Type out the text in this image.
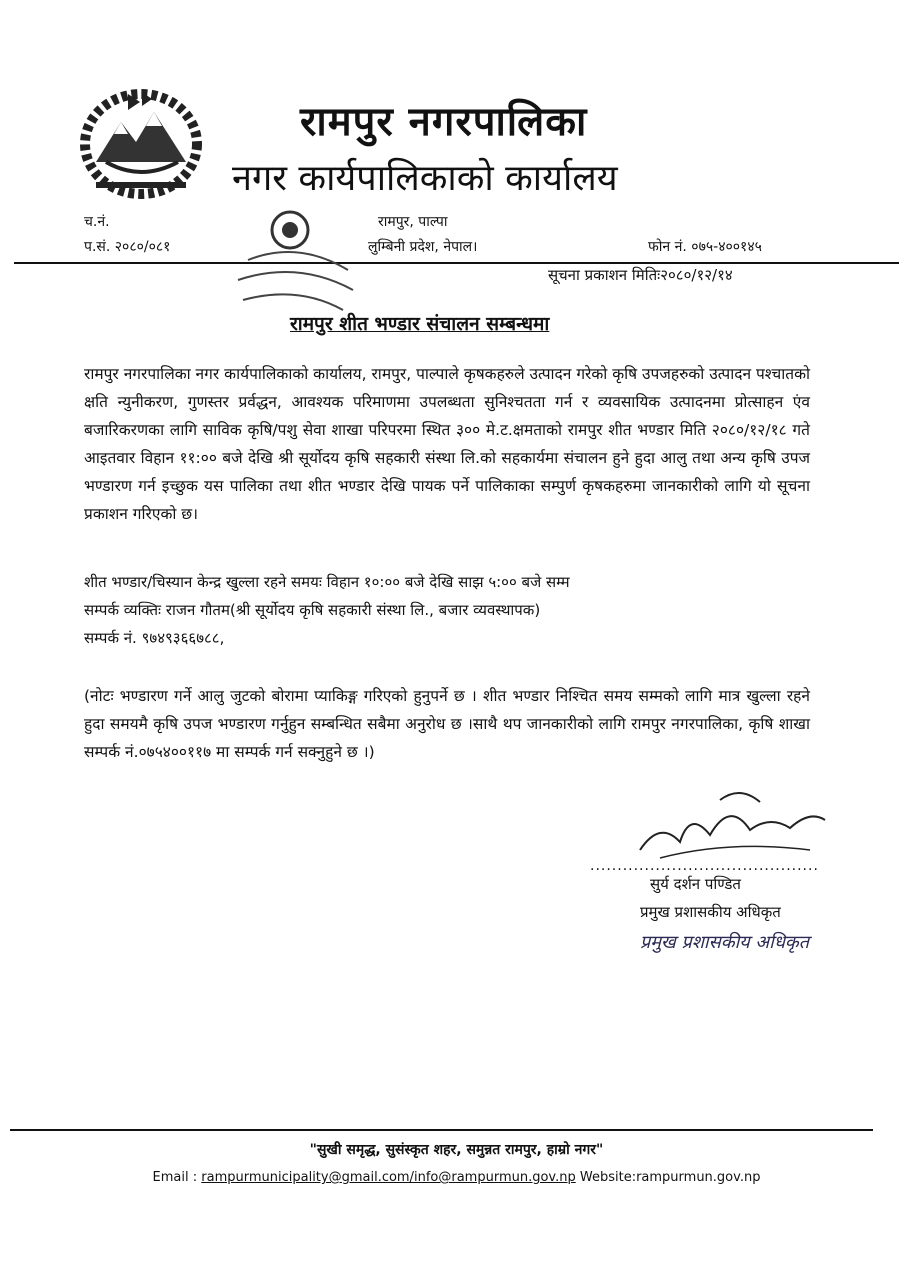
रामपुर नगरपालिका
नगर कार्यपालिकाको कार्यालय
च.नं.
प.सं. २०८०/०८१
रामपुर, पाल्पा
लुम्बिनी प्रदेश, नेपाल।	फोन नं. ०७५-४००१४५
सूचना प्रकाशन मितिः२०८०/१२/१४
रामपुर शीत भण्डार संचालन सम्बन्धमा
रामपुर नगरपालिका नगर कार्यपालिकाको कार्यालय, रामपुर, पाल्पाले कृषकहरुले उत्पादन गरेको कृषि उपजहरुको उत्पादन पश्चातको क्षति न्युनीकरण, गुणस्तर प्रर्वद्धन, आवश्यक परिमाणमा उपलब्धता सुनिश्चतता गर्न र व्यवसायिक उत्पादनमा प्रोत्साहन एंव बजारिकरणका लागि साविक कृषि/पशु सेवा शाखा परिपरमा स्थित ३०० मे.ट.क्षमताको रामपुर शीत भण्डार मिति २०८०/१२/१८ गते आइतवार विहान ११:०० बजे देखि श्री सूर्योदय कृषि सहकारी संस्था लि.को सहकार्यमा संचालन हुने हुदा आलु तथा अन्य कृषि उपज भण्डारण गर्न इच्छुक यस पालिका तथा शीत भण्डार देखि पायक पर्ने पालिकाका सम्पुर्ण कृषकहरुमा जानकारीको लागि यो सूचना प्रकाशन गरिएको छ।
शीत भण्डार/चिस्यान केन्द्र खुल्ला रहने समयः विहान १०:०० बजे देखि साझ ५:०० बजे सम्म
सम्पर्क व्यक्तिः राजन गौतम(श्री सूर्योदय कृषि सहकारी संस्था लि., बजार व्यवस्थापक)
सम्पर्क नं. ९७४९३६६७८८,
(नोटः भण्डारण गर्ने आलु जुटको बोरामा प्याकिङ्ग गरिएको हुनुपर्ने छ । शीत भण्डार निश्चित समय सम्मको लागि मात्र खुल्ला रहने हुदा समयमै कृषि उपज भण्डारण गर्नुहुन सम्बन्धित सबैमा अनुरोध छ ।साथै थप जानकारीको लागि रामपुर नगरपालिका, कृषि शाखा सम्पर्क नं.०७५४००११७ मा सम्पर्क गर्न सक्नुहुने छ ।)
..........................................
सुर्य दर्शन पण्डित
प्रमुख प्रशासकीय अधिकृत
प्रमुख प्रशासकीय अधिकृत
"सुखी समृद्ध, सुसंस्कृत शहर, समुन्नत रामपुर, हाम्रो नगर"
Email : rampurmunicipality@gmail.com/info@rampurmun.gov.np Website:rampurmun.gov.np
